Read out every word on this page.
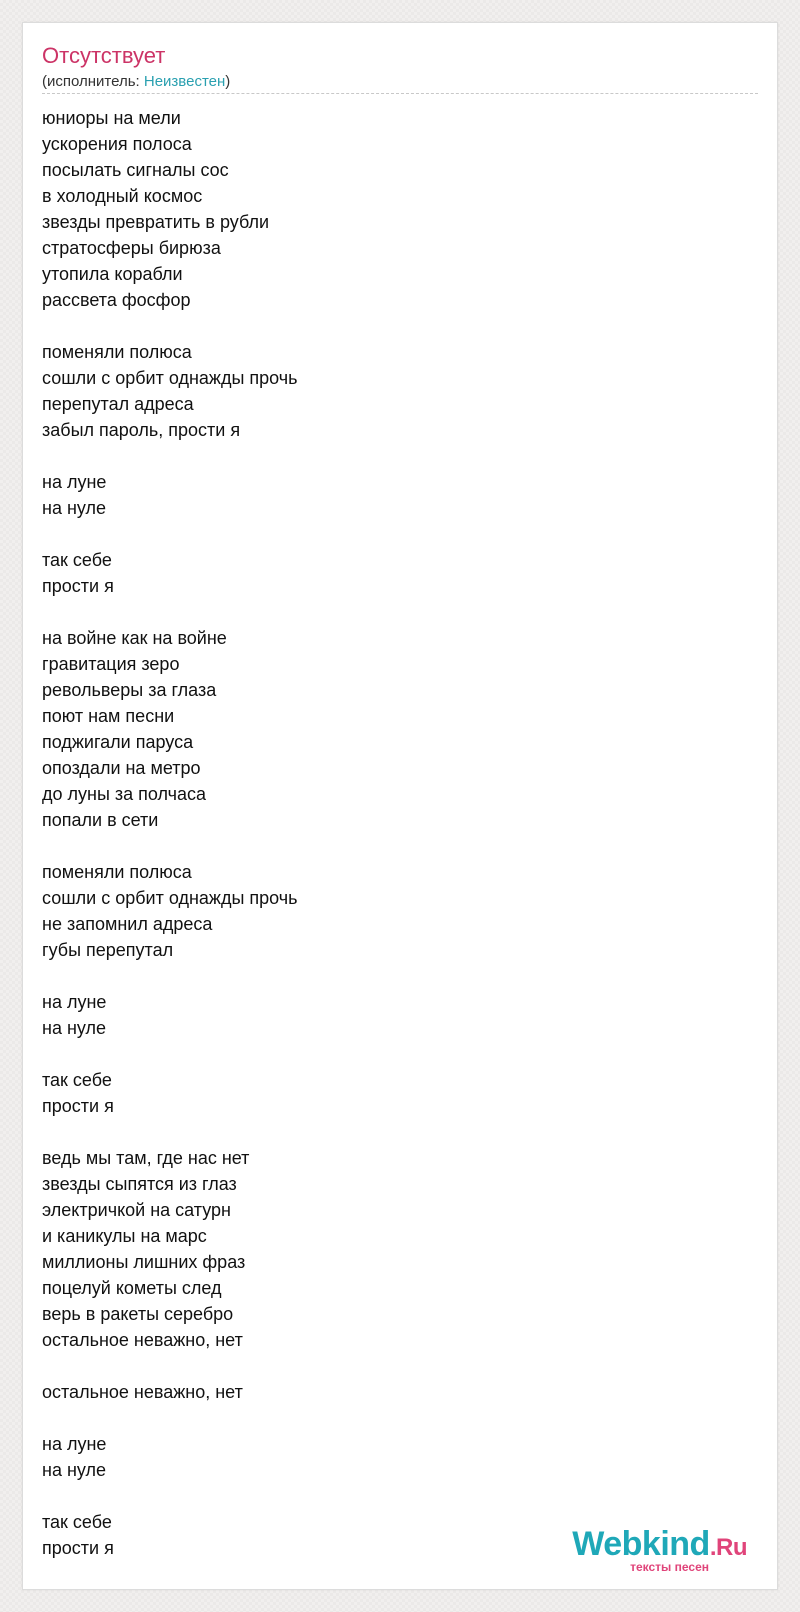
Отсутствует
(исполнитель: Неизвестен)
юниоры на мели
ускорения полоса
посылать сигналы сос
в холодный космос
звезды превратить в рубли
стратосферы бирюза
утопила корабли
рассвета фосфор
поменяли полюса
сошли с орбит однажды прочь
перепутал адреса
забыл пароль, прости я
на луне
на нуле
так себе
прости я
на войне как на войне
гравитация зеро
револьверы за глаза
поют нам песни
поджигали паруса
опоздали на метро
до луны за полчаса
попали в сети
поменяли полюса
сошли с орбит однажды прочь
не запомнил адреса
губы перепутал
на луне
на нуле
так себе
прости я
ведь мы там, где нас нет
звезды сыпятся из глаз
электричкой на сатурн
и каникулы на марс
миллионы лишних фраз
поцелуй кометы след
верь в ракеты серебро
остальное неважно, нет
остальное неважно, нет
на луне
на нуле
так себе
прости я	Webkind.Ru
тексты песен
